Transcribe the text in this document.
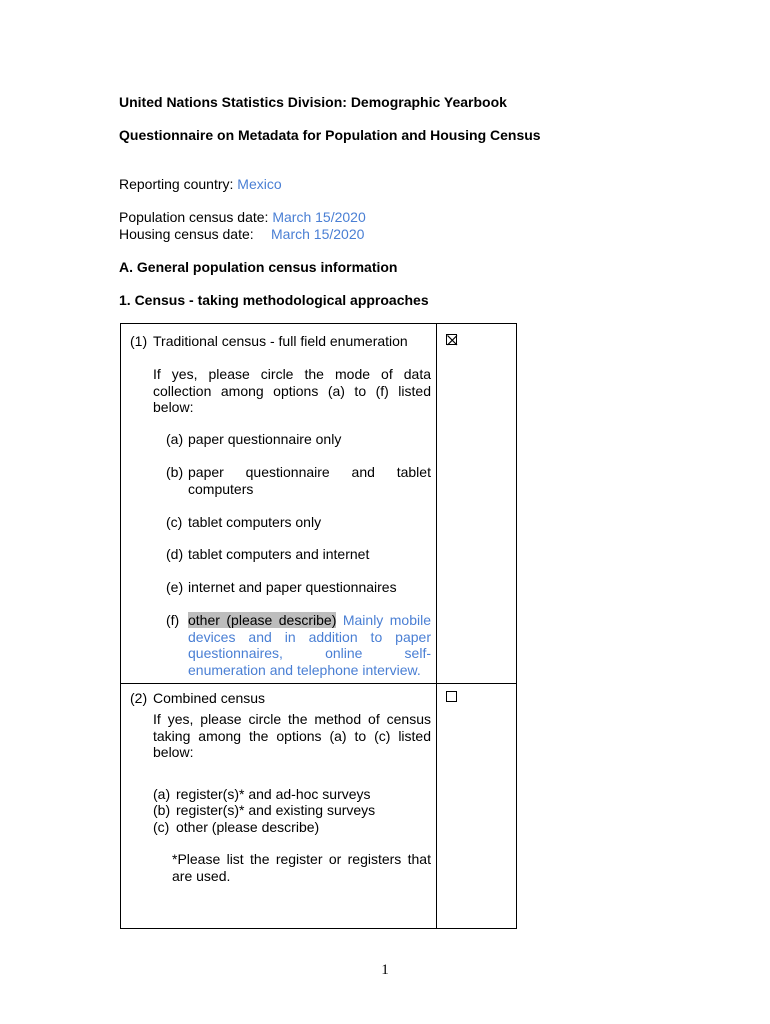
United Nations Statistics Division: Demographic Yearbook
Questionnaire on Metadata for Population and Housing Census
Reporting country: Mexico
Population census date: March 15/2020
Housing census date: March 15/2020
A. General population census information
1. Census - taking methodological approaches
(1) Traditional census - full field enumeration
If yes, please circle the mode of data collection among options (a) to (f) listed below:
(a) paper questionnaire only
(b) paper questionnaire and tablet
computers
(c) tablet computers only
(d) tablet computers and internet
(e) internet and paper questionnaires
(f) other (please describe) Mainly mobile devices and in addition to paper questionnaires, online self-enumeration and telephone interview.
(2) Combined census
If yes, please circle the method of census taking among the options (a) to (c) listed below:
(a) register(s)* and ad-hoc surveys
(b) register(s)* and existing surveys
(c) other (please describe)
*Please list the register or registers that are used.
1
